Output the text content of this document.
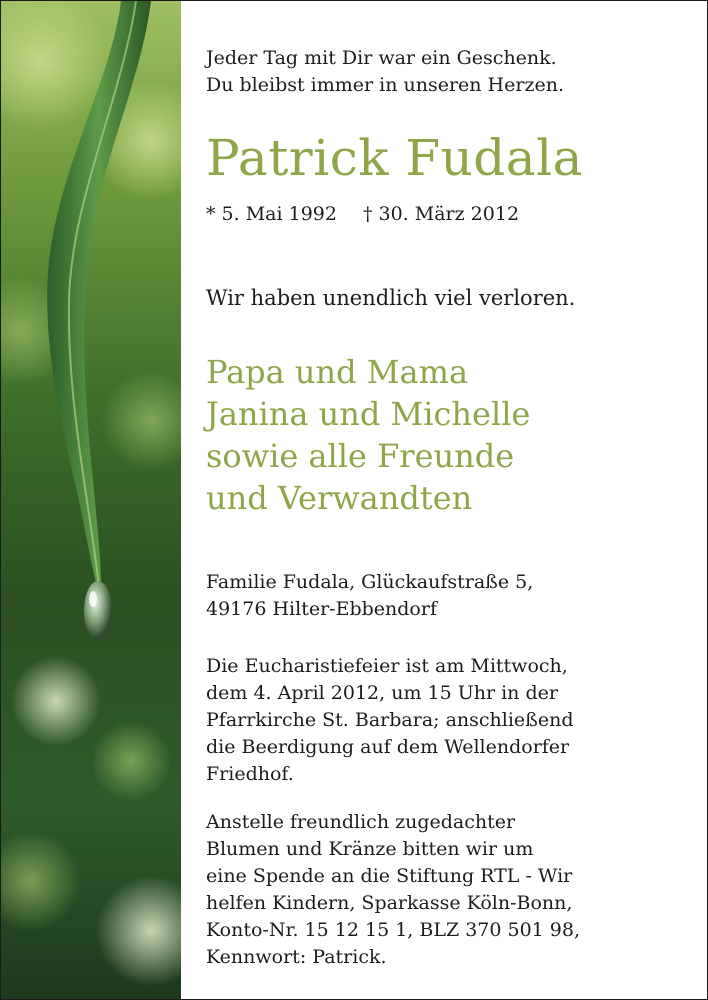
Jeder Tag mit Dir war ein Geschenk.
Du bleibst immer in unseren Herzen.
Patrick Fudala
* 5. Mai 1992 † 30. März 2012
Wir haben unendlich viel verloren.
Papa und Mama
Janina und Michelle
sowie alle Freunde
und Verwandten
Familie Fudala, Glückaufstraße 5,
49176 Hilter-Ebbendorf
Die Eucharistiefeier ist am Mittwoch,
dem 4. April 2012, um 15 Uhr in der
Pfarrkirche St. Barbara; anschließend
die Beerdigung auf dem Wellendorfer
Friedhof.
Anstelle freundlich zugedachter
Blumen und Kränze bitten wir um
eine Spende an die Stiftung RTL - Wir
helfen Kindern, Sparkasse Köln-Bonn,
Konto-Nr. 15 12 15 1, BLZ 370 501 98,
Kennwort: Patrick.
